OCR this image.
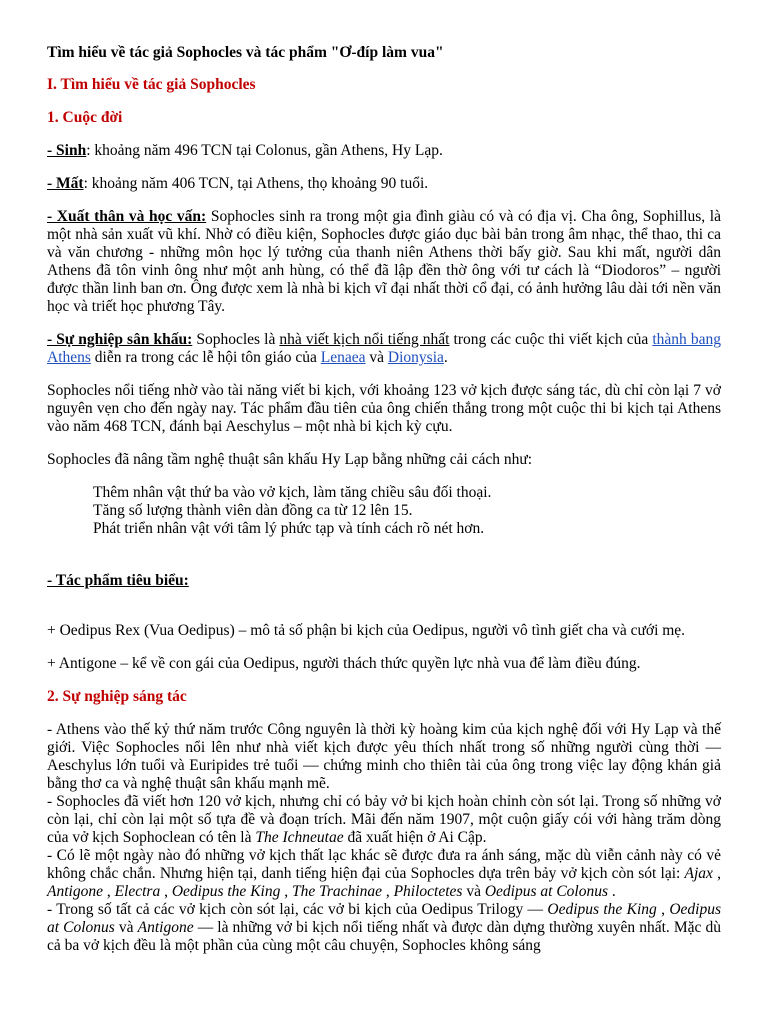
Tìm hiểu về tác giả Sophocles và tác phẩm "Ơ-đíp làm vua"

I. Tìm hiểu về tác giả Sophocles

1. Cuộc đời

- Sinh: khoảng năm 496 TCN tại Colonus, gần Athens, Hy Lạp.

- Mất: khoảng năm 406 TCN, tại Athens, thọ khoảng 90 tuổi.

- Xuất thân và học vấn: Sophocles sinh ra trong một gia đình giàu có và có địa vị. Cha ông, Sophillus, là một nhà sản xuất vũ khí. Nhờ có điều kiện, Sophocles được giáo dục bài bản trong âm nhạc, thể thao, thi ca và văn chương - những môn học lý tưởng của thanh niên Athens thời bấy giờ. Sau khi mất, người dân Athens đã tôn vinh ông như một anh hùng, có thể đã lập đền thờ ông với tư cách là “Diodoros” – người được thần linh ban ơn. Ông được xem là nhà bi kịch vĩ đại nhất thời cổ đại, có ảnh hưởng lâu dài tới nền văn học và triết học phương Tây.

- Sự nghiệp sân khấu: Sophocles là nhà viết kịch nổi tiếng nhất trong các cuộc thi viết kịch của thành bang Athens diễn ra trong các lễ hội tôn giáo của Lenaea và Dionysia.

Sophocles nổi tiếng nhờ vào tài năng viết bi kịch, với khoảng 123 vở kịch được sáng tác, dù chỉ còn lại 7 vở nguyên vẹn cho đến ngày nay. Tác phẩm đầu tiên của ông chiến thắng trong một cuộc thi bi kịch tại Athens vào năm 468 TCN, đánh bại Aeschylus – một nhà bi kịch kỳ cựu.

Sophocles đã nâng tầm nghệ thuật sân khấu Hy Lạp bằng những cải cách như:

Thêm nhân vật thứ ba vào vở kịch, làm tăng chiều sâu đối thoại.
Tăng số lượng thành viên dàn đồng ca từ 12 lên 15.
Phát triển nhân vật với tâm lý phức tạp và tính cách rõ nét hơn.

- Tác phẩm tiêu biểu:

+ Oedipus Rex (Vua Oedipus) – mô tả số phận bi kịch của Oedipus, người vô tình giết cha và cưới mẹ.

+ Antigone – kể về con gái của Oedipus, người thách thức quyền lực nhà vua để làm điều đúng.

2. Sự nghiệp sáng tác

- Athens vào thế kỷ thứ năm trước Công nguyên là thời kỳ hoàng kim của kịch nghệ đối với Hy Lạp và thế giới. Việc Sophocles nổi lên như nhà viết kịch được yêu thích nhất trong số những người cùng thời — Aeschylus lớn tuổi và Euripides trẻ tuổi — chứng minh cho thiên tài của ông trong việc lay động khán giả bằng thơ ca và nghệ thuật sân khấu mạnh mẽ.

- Sophocles đã viết hơn 120 vở kịch, nhưng chỉ có bảy vở bi kịch hoàn chỉnh còn sót lại. Trong số những vở còn lại, chỉ còn lại một số tựa đề và đoạn trích. Mãi đến năm 1907, một cuộn giấy cói với hàng trăm dòng của vở kịch Sophoclean có tên là The Ichneutae đã xuất hiện ở Ai Cập.

- Có lẽ một ngày nào đó những vở kịch thất lạc khác sẽ được đưa ra ánh sáng, mặc dù viễn cảnh này có vẻ không chắc chắn. Nhưng hiện tại, danh tiếng hiện đại của Sophocles dựa trên bảy vở kịch còn sót lại: Ajax , Antigone , Electra , Oedipus the King , The Trachinae , Philoctetes và Oedipus at Colonus .

- Trong số tất cả các vở kịch còn sót lại, các vở bi kịch của Oedipus Trilogy — Oedipus the King , Oedipus at Colonus và Antigone — là những vở bi kịch nổi tiếng nhất và được dàn dựng thường xuyên nhất. Mặc dù cả ba vở kịch đều là một phần của cùng một câu chuyện, Sophocles không sáng
